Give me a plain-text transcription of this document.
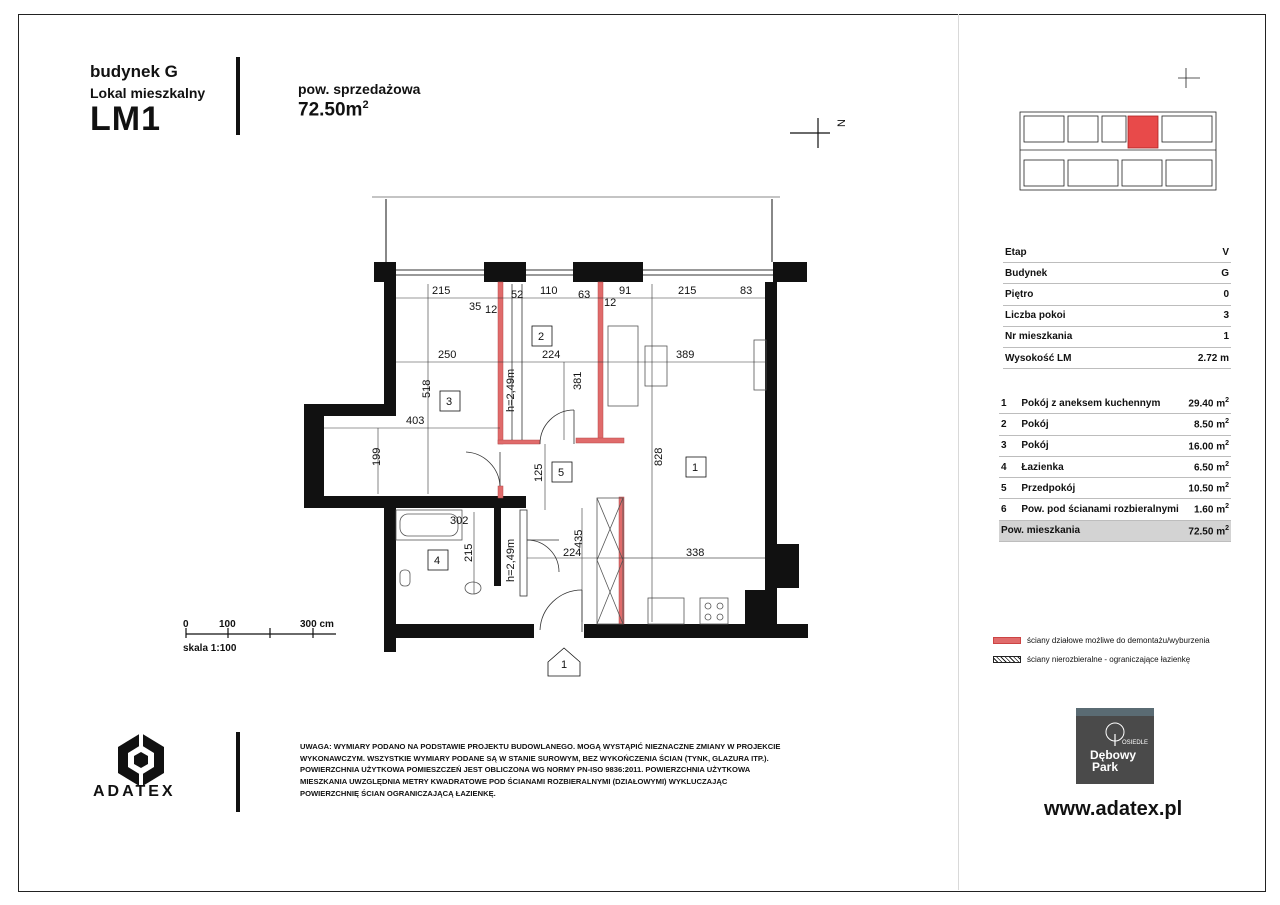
budynek G
Lokal mieszkalny
LM1
pow. sprzedażowa
$72.50m^2$
N
215
35
52 110 63	91	215	83
12
12
250	224	389
403
518
199
381
125
828
302
215
435
224	338
h=2,49m
h=2,49m
3
2
5	1
4
1
0	100	300 cm
skala 1:100
UWAGA: WYMIARY PODANO NA PODSTAWIE PROJEKTU BUDOWLANEGO. MOGĄ WYSTĄPIĆ NIEZNACZNE ZMIANY W PROJEKCIE
WYKONAWCZYM. WSZYSTKIE WYMIARY PODANE SĄ W STANIE SUROWYM, BEZ WYKOŃCZENIA ŚCIAN (TYNK, GLAZURA ITP.).
POWIERZCHNIA UŻYTKOWA POMIESZCZEŃ JEST OBLICZONA WG NORMY PN-ISO 9836:2011. POWIERZCHNIA UŻYTKOWA
MIESZKANIA UWZGLĘDNIA METRY KWADRATOWE POD ŚCIANAMI ROZBIERALNYMI (DZIAŁOWYMI) WYKLUCZAJĄC
POWIERZCHNIĘ ŚCIAN OGRANICZAJĄCĄ ŁAZIENKĘ.
ADATEX
Etap	V
Budynek	G
Piętro	0
Liczba pokoi	3
Nr mieszkania	1
Wysokość LM	2.72 m
1	Pokój z aneksem kuchennym	29.40 $m^2$
2	Pokój	8.50 $m^2$
3	Pokój	16.00 $m^2$
4	Łazienka	6.50 $m^2$
5	Przedpokój	10.50 $m^2$
6	Pow. pod ścianami rozbieralnymi	1.60 $m^2$
Pow. mieszkania		72.50 $m^2$
ściany działowe możliwe do demontażu/wyburzenia
ściany nierozbieralne - ograniczające łazienkę
OSIEDLE
Dębowy
Park
www.adatex.pl
